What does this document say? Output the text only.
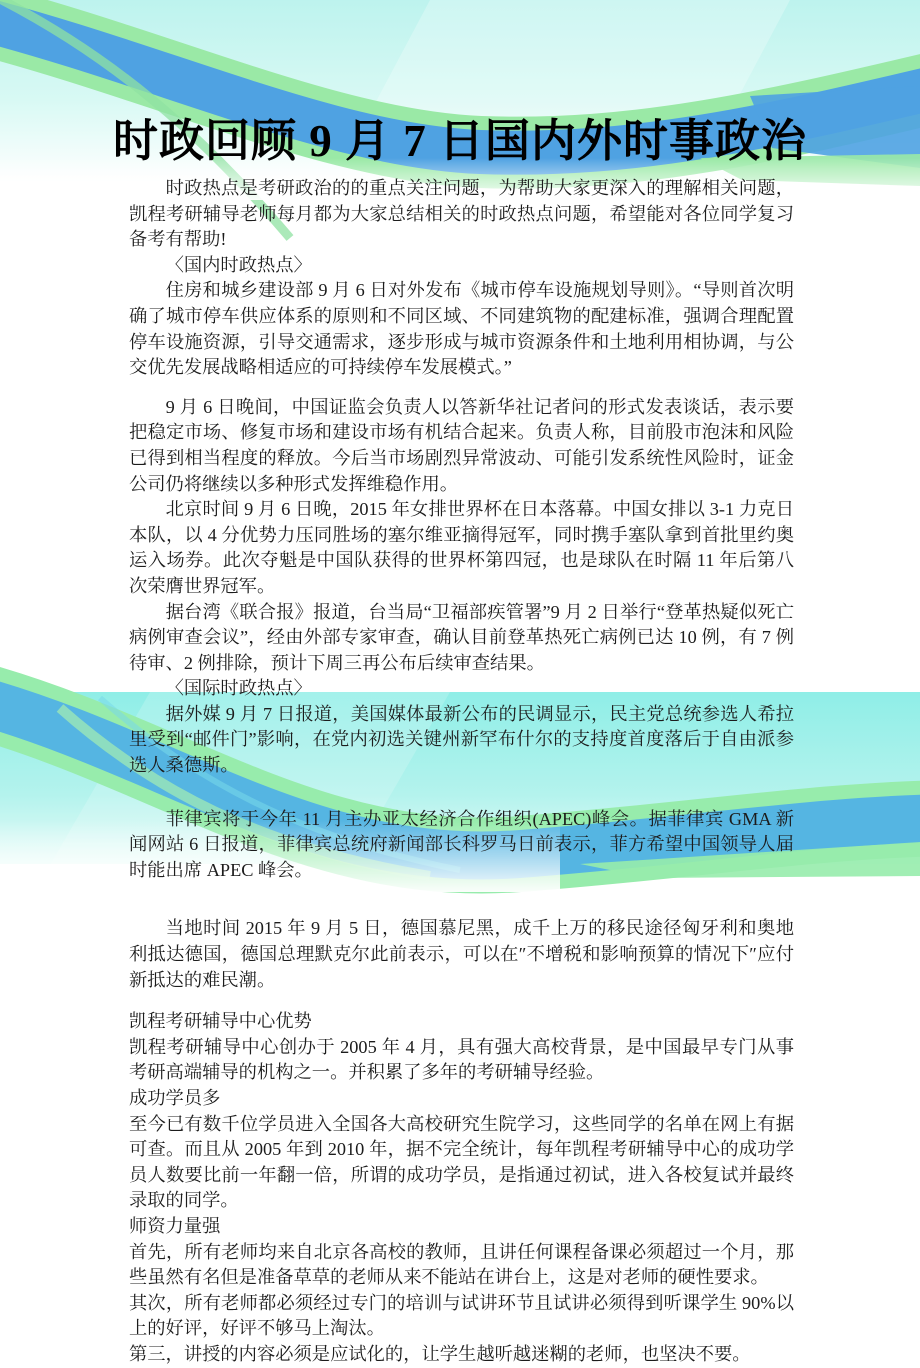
时政回顾 9 月 7 日国内外时事政治

时政热点是考研政治的的重点关注问题，为帮助大家更深入的理解相关问题，凯程考研辅导老师每月都为大家总结相关的时政热点问题，希望能对各位同学复习备考有帮助!

〈国内时政热点〉

住房和城乡建设部 9 月 6 日对外发布《城市停车设施规划导则》。“导则首次明确了城市停车供应体系的原则和不同区域、不同建筑物的配建标准，强调合理配置停车设施资源，引导交通需求，逐步形成与城市资源条件和土地利用相协调，与公交优先发展战略相适应的可持续停车发展模式。”

9 月 6 日晚间，中国证监会负责人以答新华社记者问的形式发表谈话，表示要把稳定市场、修复市场和建设市场有机结合起来。负责人称，目前股市泡沫和风险已得到相当程度的释放。今后当市场剧烈异常波动、可能引发系统性风险时，证金公司仍将继续以多种形式发挥维稳作用。

北京时间 9 月 6 日晚，2015 年女排世界杯在日本落幕。中国女排以 3-1 力克日本队，以 4 分优势力压同胜场的塞尔维亚摘得冠军，同时携手塞队拿到首批里约奥运入场券。此次夺魁是中国队获得的世界杯第四冠，也是球队在时隔 11 年后第八次荣膺世界冠军。

据台湾《联合报》报道，台当局“卫福部疾管署”9 月 2 日举行“登革热疑似死亡病例审查会议”，经由外部专家审查，确认目前登革热死亡病例已达 10 例，有 7 例待审、2 例排除，预计下周三再公布后续审查结果。

〈国际时政热点〉

据外媒 9 月 7 日报道，美国媒体最新公布的民调显示，民主党总统参选人希拉里受到“邮件门”影响，在党内初选关键州新罕布什尔的支持度首度落后于自由派参选人桑德斯。

菲律宾将于今年 11 月主办亚太经济合作组织(APEC)峰会。据菲律宾 GMA 新闻网站 6 日报道，菲律宾总统府新闻部长科罗马日前表示，菲方希望中国领导人届时能出席 APEC 峰会。

当地时间 2015 年 9 月 5 日，德国慕尼黑，成千上万的移民途径匈牙利和奥地利抵达德国，德国总理默克尔此前表示，可以在″不增税和影响预算的情况下″应付新抵达的难民潮。

凯程考研辅导中心优势

凯程考研辅导中心创办于 2005 年 4 月，具有强大高校背景，是中国最早专门从事考研高端辅导的机构之一。并积累了多年的考研辅导经验。

成功学员多

至今已有数千位学员进入全国各大高校研究生院学习，这些同学的名单在网上有据可查。而且从 2005 年到 2010 年，据不完全统计，每年凯程考研辅导中心的成功学员人数要比前一年翻一倍，所谓的成功学员，是指通过初试，进入各校复试并最终录取的同学。

师资力量强

首先，所有老师均来自北京各高校的教师，且讲任何课程备课必须超过一个月，那些虽然有名但是准备草草的老师从来不能站在讲台上，这是对老师的硬性要求。

其次，所有老师都必须经过专门的培训与试讲环节且试讲必须得到听课学生 90%以上的好评，好评不够马上淘汰。

第三，讲授的内容必须是应试化的，让学生越听越迷糊的老师，也坚决不要。
